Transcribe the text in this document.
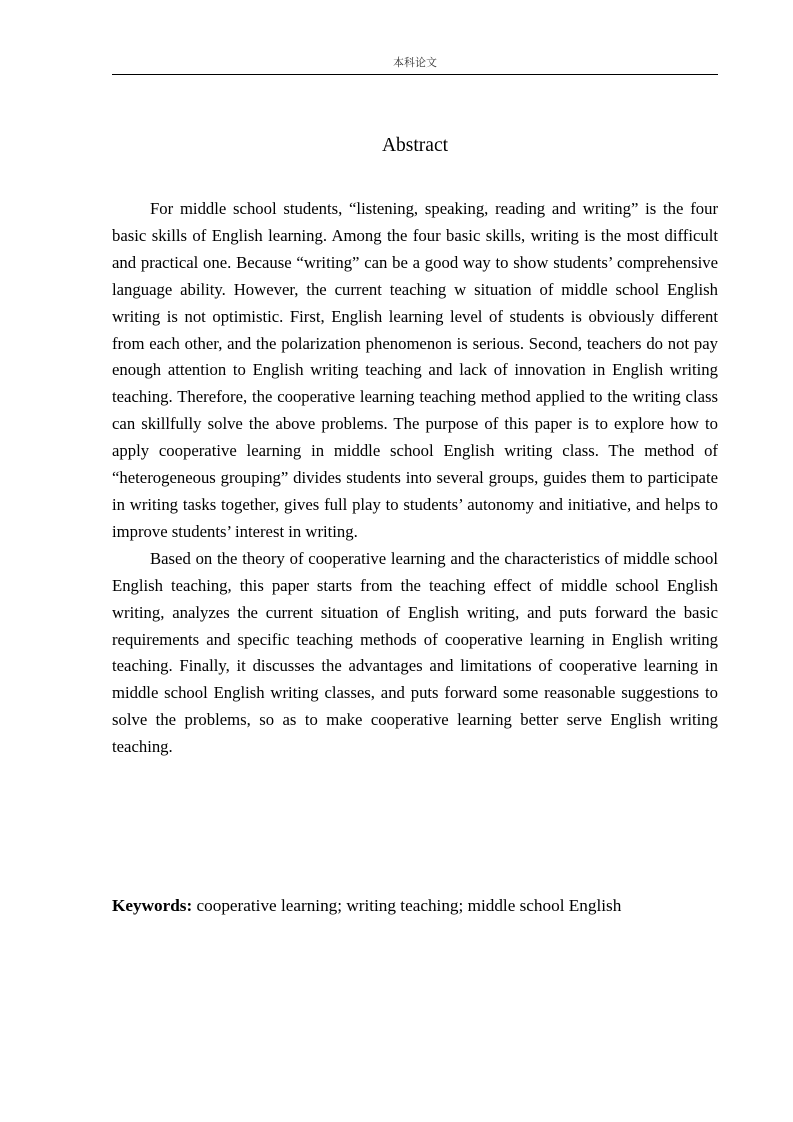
本科论文
Abstract

For middle school students, “listening, speaking, reading and writing” is the four basic skills of English learning. Among the four basic skills, writing is the most difficult and practical one. Because “writing” can be a good way to show students’ comprehensive language ability. However, the current teaching w situation of middle school English writing is not optimistic. First, English learning level of students is obviously different from each other, and the polarization phenomenon is serious. Second, teachers do not pay enough attention to English writing teaching and lack of innovation in English writing teaching. Therefore, the cooperative learning teaching method applied to the writing class can skillfully solve the above problems. The purpose of this paper is to explore how to apply cooperative learning in middle school English writing class. The method of “heterogeneous grouping” divides students into several groups, guides them to participate in writing tasks together, gives full play to students’ autonomy and initiative, and helps to improve students’ interest in writing.

Based on the theory of cooperative learning and the characteristics of middle school English teaching, this paper starts from the teaching effect of middle school English writing, analyzes the current situation of English writing, and puts forward the basic requirements and specific teaching methods of cooperative learning in English writing teaching. Finally, it discusses the advantages and limitations of cooperative learning in middle school English writing classes, and puts forward some reasonable suggestions to solve the problems, so as to make cooperative learning better serve English writing teaching.

Keywords: cooperative learning; writing teaching; middle school English
